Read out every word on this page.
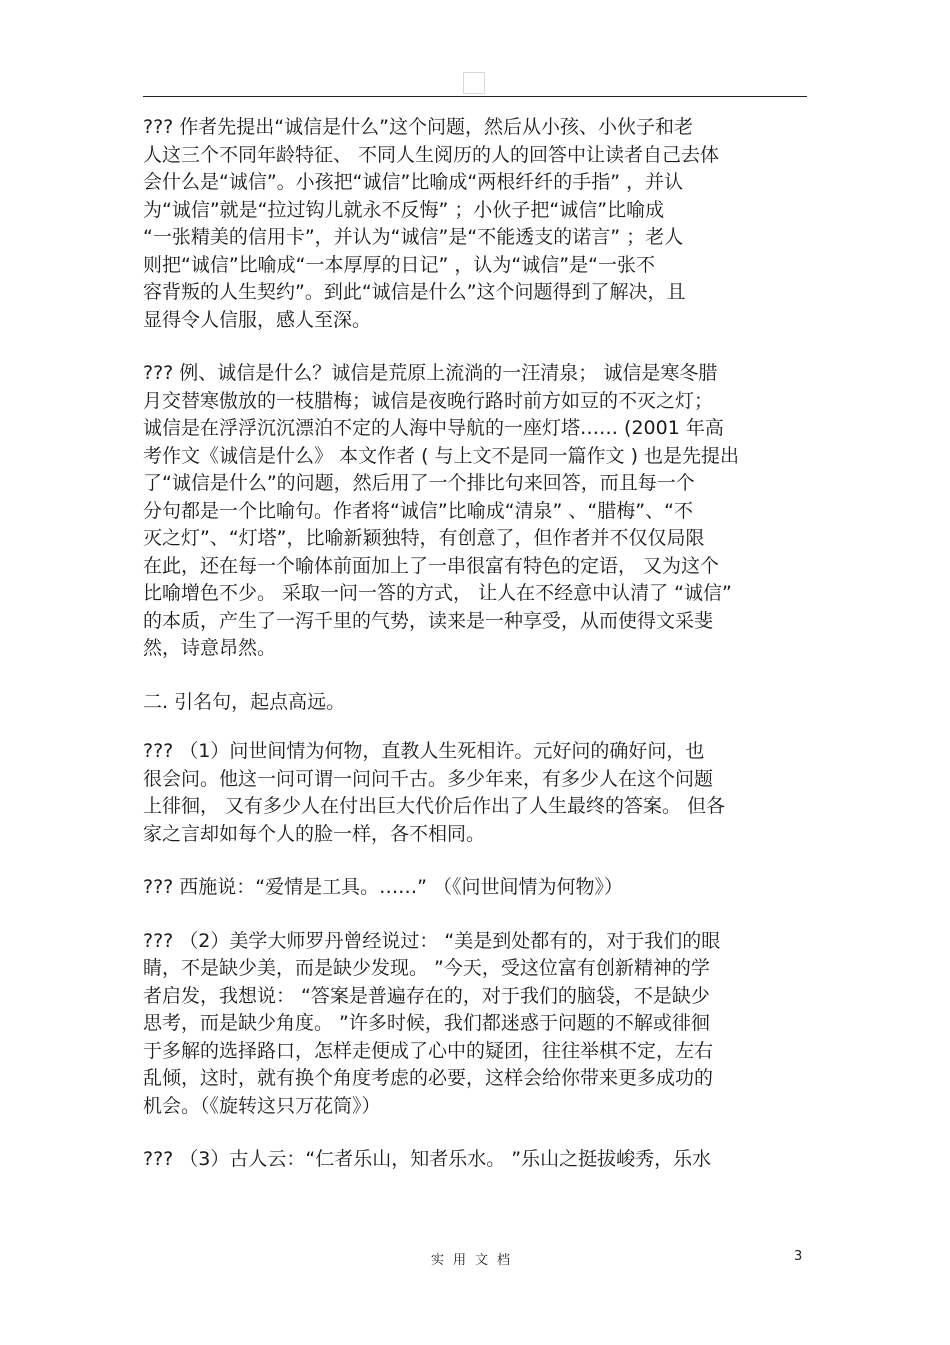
??? 作者先提出“诚信是什么”这个问题，然后从小孩、小伙子和老
人这三个不同年龄特征、 不同人生阅历的人的回答中让读者自己去体
会什么是“诚信”。小孩把“诚信”比喻成“两根纤纤的手指” ，并认
为“诚信”就是“拉过钩儿就永不反悔” ；小伙子把“诚信”比喻成
“一张精美的信用卡”，并认为“诚信”是“不能透支的诺言” ；老人
则把“诚信”比喻成“一本厚厚的日记” ，认为“诚信”是“一张不
容背叛的人生契约”。到此“诚信是什么”这个问题得到了解决，且
显得令人信服，感人至深。

??? 例、诚信是什么？诚信是荒原上流淌的一汪清泉； 诚信是寒冬腊
月交替寒傲放的一枝腊梅；诚信是夜晚行路时前方如豆的不灭之灯；
诚信是在浮浮沉沉漂泊不定的人海中导航的一座灯塔…… (2001 年高
考作文《诚信是什么》 本文作者 ( 与上文不是同一篇作文 ) 也是先提出
了“诚信是什么”的问题，然后用了一个排比句来回答，而且每一个
分句都是一个比喻句。作者将“诚信”比喻成“清泉” 、“腊梅”、“不
灭之灯”、“灯塔”，比喻新颖独特，有创意了，但作者并不仅仅局限
在此，还在每一个喻体前面加上了一串很富有特色的定语， 又为这个
比喻增色不少。 采取一问一答的方式， 让人在不经意中认清了 “诚信”
的本质，产生了一泻千里的气势，读来是一种享受，从而使得文采斐
然，诗意昂然。

二. 引名句，起点高远。

??? （1）问世间情为何物，直教人生死相许。元好问的确好问，也
很会问。他这一问可谓一问问千古。多少年来，有多少人在这个问题
上徘徊， 又有多少人在付出巨大代价后作出了人生最终的答案。 但各
家之言却如每个人的脸一样，各不相同。

??? 西施说：“爱情是工具。……” （《问世间情为何物》）

??? （2）美学大师罗丹曾经说过： “美是到处都有的，对于我们的眼
睛，不是缺少美，而是缺少发现。 ”今天，受这位富有创新精神的学
者启发，我想说： “答案是普遍存在的，对于我们的脑袋，不是缺少
思考，而是缺少角度。 ”许多时候，我们都迷惑于问题的不解或徘徊
于多解的选择路口，怎样走便成了心中的疑团，往往举棋不定，左右
乱倾，这时，就有换个角度考虑的必要，这样会给你带来更多成功的
机会。（《旋转这只万花筒》）

??? （3）古人云：“仁者乐山，知者乐水。 ”乐山之挺拔峻秀，乐水

实用文档	3
